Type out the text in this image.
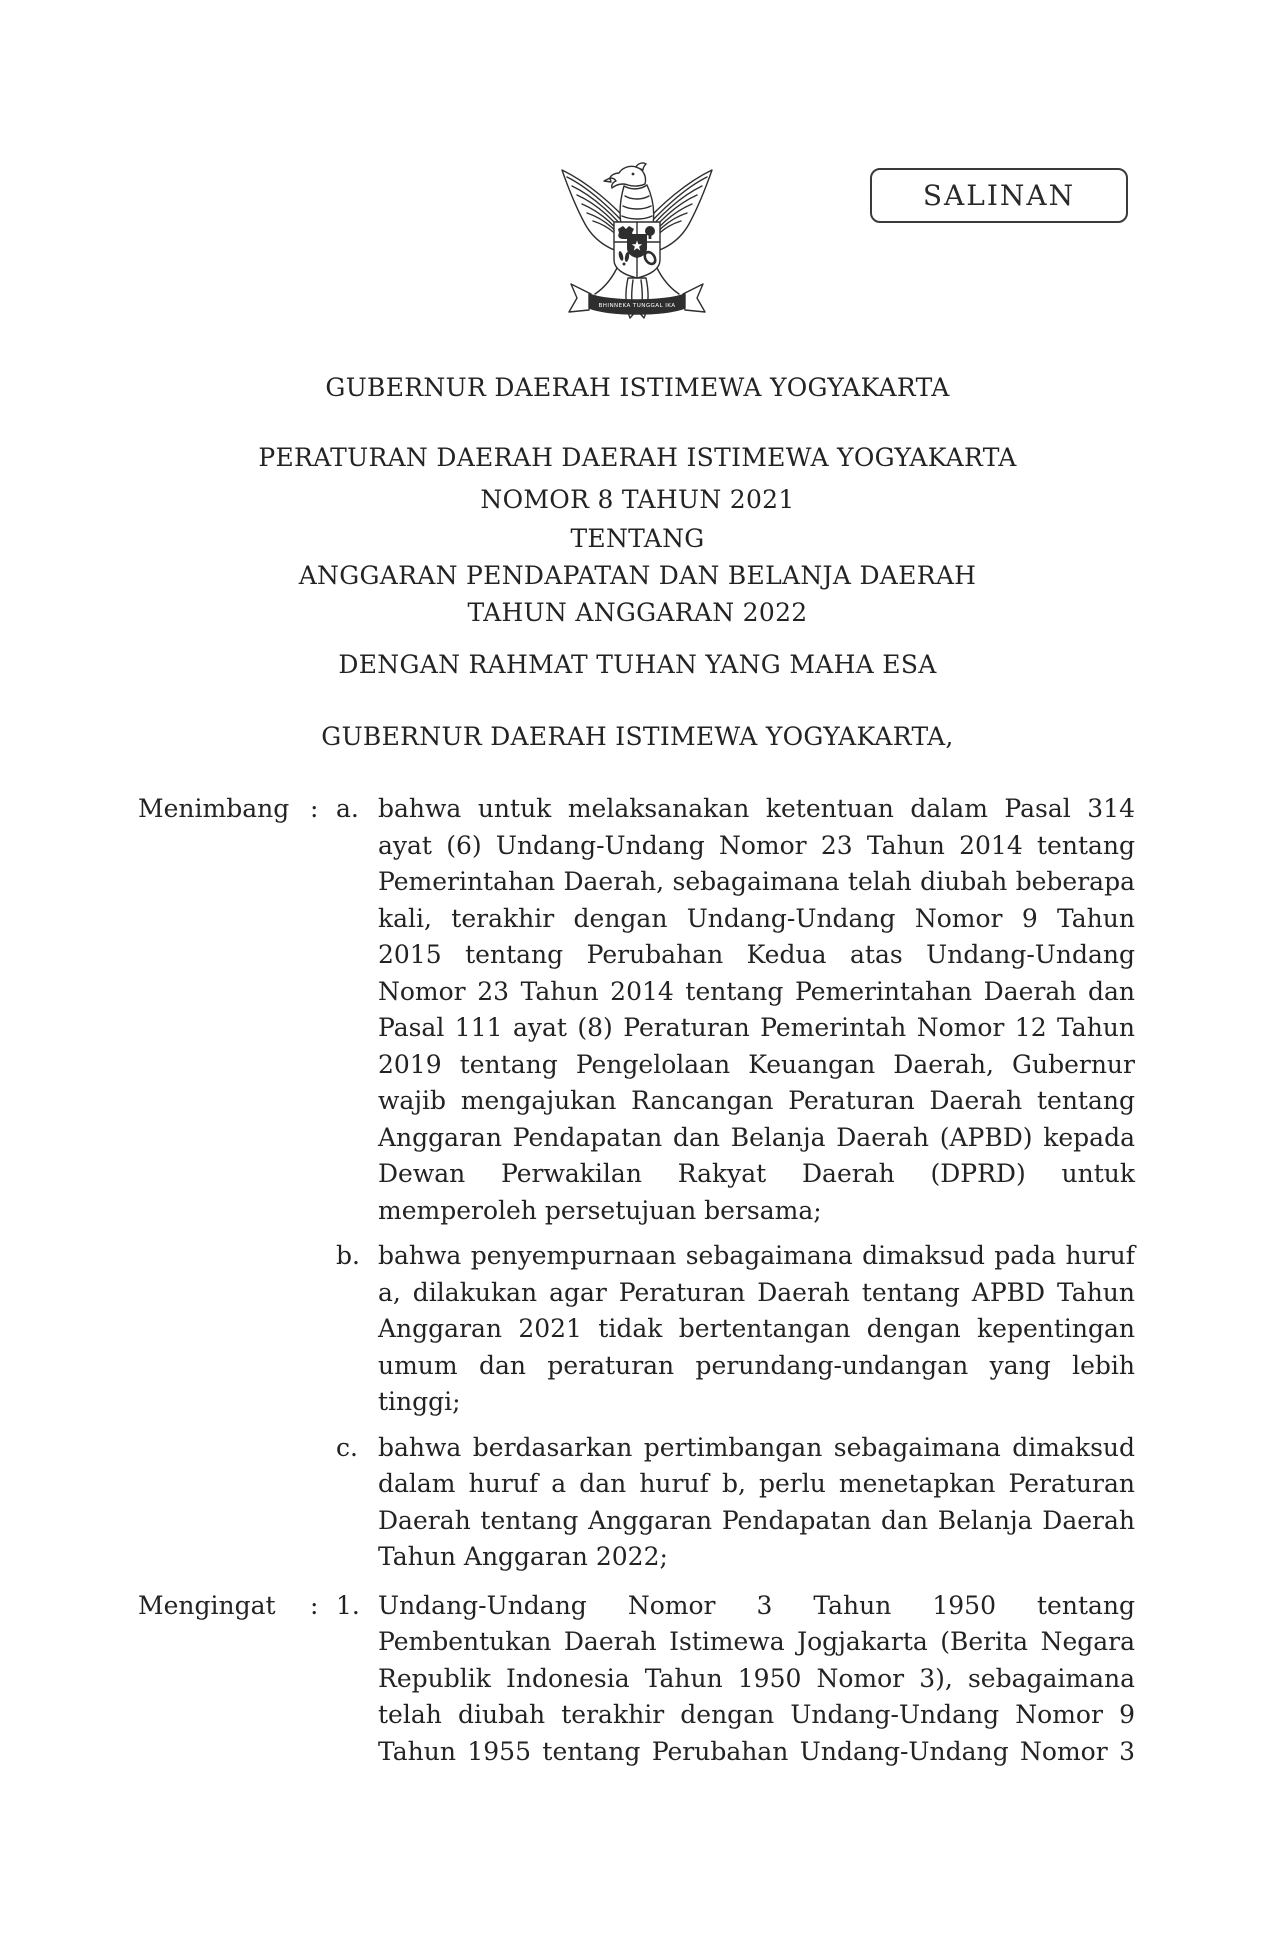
BHINNEKA TUNGGAL IKA
SALINAN
GUBERNUR DAERAH ISTIMEWA YOGYAKARTA
PERATURAN DAERAH DAERAH ISTIMEWA YOGYAKARTA
NOMOR 8 TAHUN 2021
TENTANG
ANGGARAN PENDAPATAN DAN BELANJA DAERAH
TAHUN ANGGARAN 2022
DENGAN RAHMAT TUHAN YANG MAHA ESA
GUBERNUR DAERAH ISTIMEWA YOGYAKARTA,
Menimbang : a. bahwa untuk melaksanakan ketentuan dalam Pasal 314
ayat (6) Undang-Undang Nomor 23 Tahun 2014 tentang
Pemerintahan Daerah, sebagaimana telah diubah beberapa
kali, terakhir dengan Undang-Undang Nomor 9 Tahun
2015 tentang Perubahan Kedua atas Undang-Undang
Nomor 23 Tahun 2014 tentang Pemerintahan Daerah dan
Pasal 111 ayat (8) Peraturan Pemerintah Nomor 12 Tahun
2019 tentang Pengelolaan Keuangan Daerah, Gubernur
wajib mengajukan Rancangan Peraturan Daerah tentang
Anggaran Pendapatan dan Belanja Daerah (APBD) kepada
Dewan Perwakilan Rakyat Daerah (DPRD) untuk
memperoleh persetujuan bersama;
b. bahwa penyempurnaan sebagaimana dimaksud pada huruf
a, dilakukan agar Peraturan Daerah tentang APBD Tahun
Anggaran 2021 tidak bertentangan dengan kepentingan
umum dan peraturan perundang-undangan yang lebih
tinggi;
c. bahwa berdasarkan pertimbangan sebagaimana dimaksud
dalam huruf a dan huruf b, perlu menetapkan Peraturan
Daerah tentang Anggaran Pendapatan dan Belanja Daerah
Tahun Anggaran 2022;
Mengingat	: 1. Undang-Undang Nomor 3 Tahun 1950 tentang
Pembentukan Daerah Istimewa Jogjakarta (Berita Negara
Republik Indonesia Tahun 1950 Nomor 3), sebagaimana
telah diubah terakhir dengan Undang-Undang Nomor 9
Tahun 1955 tentang Perubahan Undang-Undang Nomor 3
